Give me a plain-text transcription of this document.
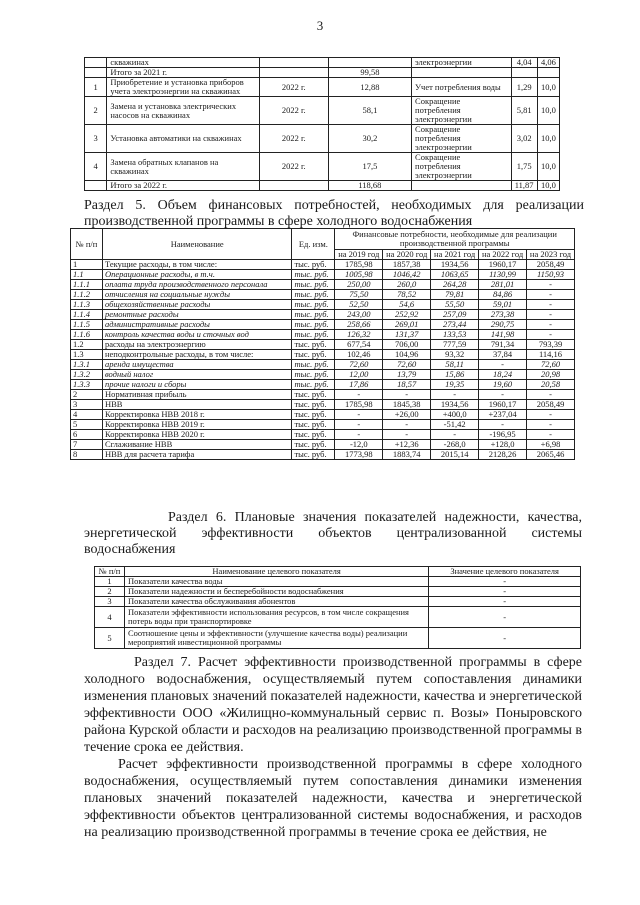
3
	скважинах			электроэнергии	4,04	4,06
	Итого за 2021 г.		99,58			
1	Приобретение и установка приборов учета электроэнергии на скважинах	2022 г.	12,88	Учет потребления воды	1,29	10,0
2	Замена и установка электрических насосов на скважинах	2022 г.	58,1	Сокращение потребления электроэнергии	5,81	10,0
3	Установка автоматики на скважинах	2022 г.	30,2	Сокращение потребления электроэнергии	3,02	10,0
4	Замена обратных клапанов на скважинах	2022 г.	17,5	Сокращение потребления электроэнергии	1,75	10,0
	Итого за 2022 г.		118,68		11,87	10,0
Раздел 5. Объем финансовых потребностей, необходимых для реализации производственной программы в сфере холодного водоснабжения
№ п/п	Наименование	Ед. изм.	Финансовые потребности, необходимые для реализации производственной программы				
			на 2019 год	на 2020 год	на 2021 год	на 2022 год	на 2023 год
1	Текущие расходы, в том числе:	тыс. руб.	1785,98	1857,38	1934,56	1960,17	2058,49
1.1	Операционные расходы, в т.ч.	тыс. руб.	1005,98	1046,42	1063,65	1130,99	1150,93
1.1.1	оплата труда производственного персонала	тыс. руб.	250,00	260,0	264,28	281,01	-
1.1.2	отчисления на социальные нужды	тыс. руб.	75,50	78,52	79,81	84,86	-
1.1.3	общехозяйственные расходы	тыс. руб.	52,50	54,6	55,50	59,01	-
1.1.4	ремонтные расходы	тыс. руб.	243,00	252,92	257,09	273,38	-
1.1.5	административные расходы	тыс. руб.	258,66	269,01	273,44	290,75	-
1.1.6	контроль качества воды и сточных вод	тыс. руб.	126,32	131,37	133,53	141,98	-
1.2	расходы на электроэнергию	тыс. руб.	677,54	706,00	777,59	791,34	793,39
1.3	неподконтрольные расходы, в том числе:	тыс. руб.	102,46	104,96	93,32	37,84	114,16
1.3.1	аренда имущества	тыс. руб.	72,60	72,60	58,11	-	72,60
1.3.2	водный налог	тыс. руб.	12,00	13,79	15,86	18,24	20,98
1.3.3	прочие налоги и сборы	тыс. руб.	17,86	18,57	19,35	19,60	20,58
2	Нормативная прибыль	тыс. руб.	-	-	-	-	-
3	НВВ	тыс. руб.	1785,98	1845,38	1934,56	1960,17	2058,49
4	Корректировка НВВ 2018 г.	тыс. руб.	-	+26,00	+400,0	+237,04	-
5	Корректировка НВВ 2019 г.	тыс. руб.	-	-	-51,42	-	-
6	Корректировка НВВ 2020 г.	тыс. руб.	-	-	-	-196,95	-
7	Сглаживание НВВ	тыс. руб.	-12,0	+12,36	-268,0	+128,0	+6,98
8	НВВ для расчета тарифа	тыс. руб.	1773,98	1883,74	2015,14	2128,26	2065,46
Раздел 6. Плановые значения показателей надежности, качества, энергетической эффективности объектов централизованной системы водоснабжения
№ п/п	Наименование целевого показателя	Значение целевого показателя
1	Показатели качества воды	-
2	Показатели надежности и бесперебойности водоснабжения	-
3	Показатели качества обслуживания абонентов	-
4	Показатели эффективности использования ресурсов, в том числе сокращения потерь воды при транспортировке	-
5	Соотношение цены и эффективности (улучшение качества воды) реализации мероприятий инвестиционной программы	-
Раздел 7. Расчет эффективности производственной программы в сфере холодного водоснабжения, осуществляемый путем сопоставления динамики изменения плановых значений показателей надежности, качества и энергетической эффективности ООО «Жилищно-коммунальный сервис п. Возы» Поныровского района Курской области и расходов на реализацию производственной программы в течение срока ее действия.
Расчет эффективности производственной программы в сфере холодного водоснабжения, осуществляемый путем сопоставления динамики изменения плановых значений показателей надежности, качества и энергетической эффективности объектов централизованной системы водоснабжения, и расходов на реализацию производственной программы в течение срока ее действия, не
